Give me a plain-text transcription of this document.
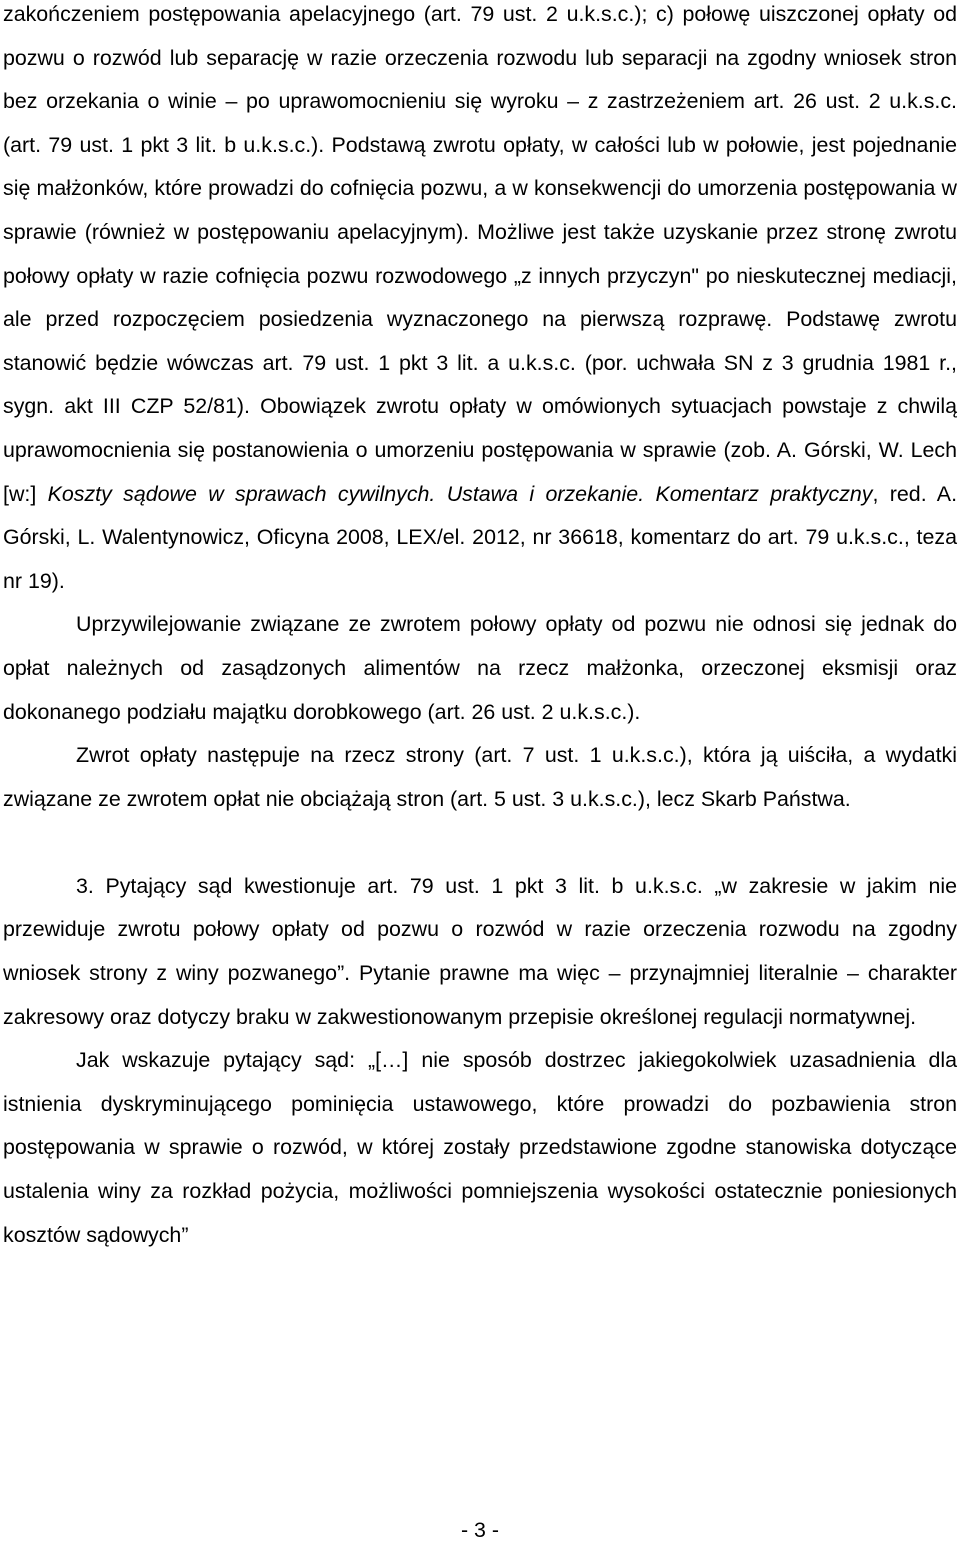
zakończeniem postępowania apelacyjnego (art. 79 ust. 2 u.k.s.c.); c) połowę uiszczonej opłaty od pozwu o rozwód lub separację w razie orzeczenia rozwodu lub separacji na zgodny wniosek stron bez orzekania o winie – po uprawomocnieniu się wyroku – z zastrzeżeniem art. 26 ust. 2 u.k.s.c. (art. 79 ust. 1 pkt 3 lit. b u.k.s.c.). Podstawą zwrotu opłaty, w całości lub w połowie, jest pojednanie się małżonków, które prowadzi do cofnięcia pozwu, a w konsekwencji do umorzenia postępowania w sprawie (również w postępowaniu apelacyjnym). Możliwe jest także uzyskanie przez stronę zwrotu połowy opłaty w razie cofnięcia pozwu rozwodowego „z innych przyczyn" po nieskutecznej mediacji, ale przed rozpoczęciem posiedzenia wyznaczonego na pierwszą rozprawę. Podstawę zwrotu stanowić będzie wówczas art. 79 ust. 1 pkt 3 lit. a u.k.s.c. (por. uchwała SN z 3 grudnia 1981 r., sygn. akt III CZP 52/81). Obowiązek zwrotu opłaty w omówionych sytuacjach powstaje z chwilą uprawomocnienia się postanowienia o umorzeniu postępowania w sprawie (zob. A. Górski, W. Lech [w:] Koszty sądowe w sprawach cywilnych. Ustawa i orzekanie. Komentarz praktyczny, red. A. Górski, L. Walentynowicz, Oficyna 2008, LEX/el. 2012, nr 36618, komentarz do art. 79 u.k.s.c., teza nr 19).

Uprzywilejowanie związane ze zwrotem połowy opłaty od pozwu nie odnosi się jednak do opłat należnych od zasądzonych alimentów na rzecz małżonka, orzeczonej eksmisji oraz dokonanego podziału majątku dorobkowego (art. 26 ust. 2 u.k.s.c.).

Zwrot opłaty następuje na rzecz strony (art. 7 ust. 1 u.k.s.c.), która ją uiściła, a wydatki związane ze zwrotem opłat nie obciążają stron (art. 5 ust. 3 u.k.s.c.), lecz Skarb Państwa.

3. Pytający sąd kwestionuje art. 79 ust. 1 pkt 3 lit. b u.k.s.c. „w zakresie w jakim nie przewiduje zwrotu połowy opłaty od pozwu o rozwód w razie orzeczenia rozwodu na zgodny wniosek strony z winy pozwanego”. Pytanie prawne ma więc – przynajmniej literalnie – charakter zakresowy oraz dotyczy braku w zakwestionowanym przepisie określonej regulacji normatywnej.

Jak wskazuje pytający sąd: „[…] nie sposób dostrzec jakiegokolwiek uzasadnienia dla istnienia dyskryminującego pominięcia ustawowego, które prowadzi do pozbawienia stron postępowania w sprawie o rozwód, w której zostały przedstawione zgodne stanowiska dotyczące ustalenia winy za rozkład pożycia, możliwości pomniejszenia wysokości ostatecznie poniesionych kosztów sądowych”

- 3 -
